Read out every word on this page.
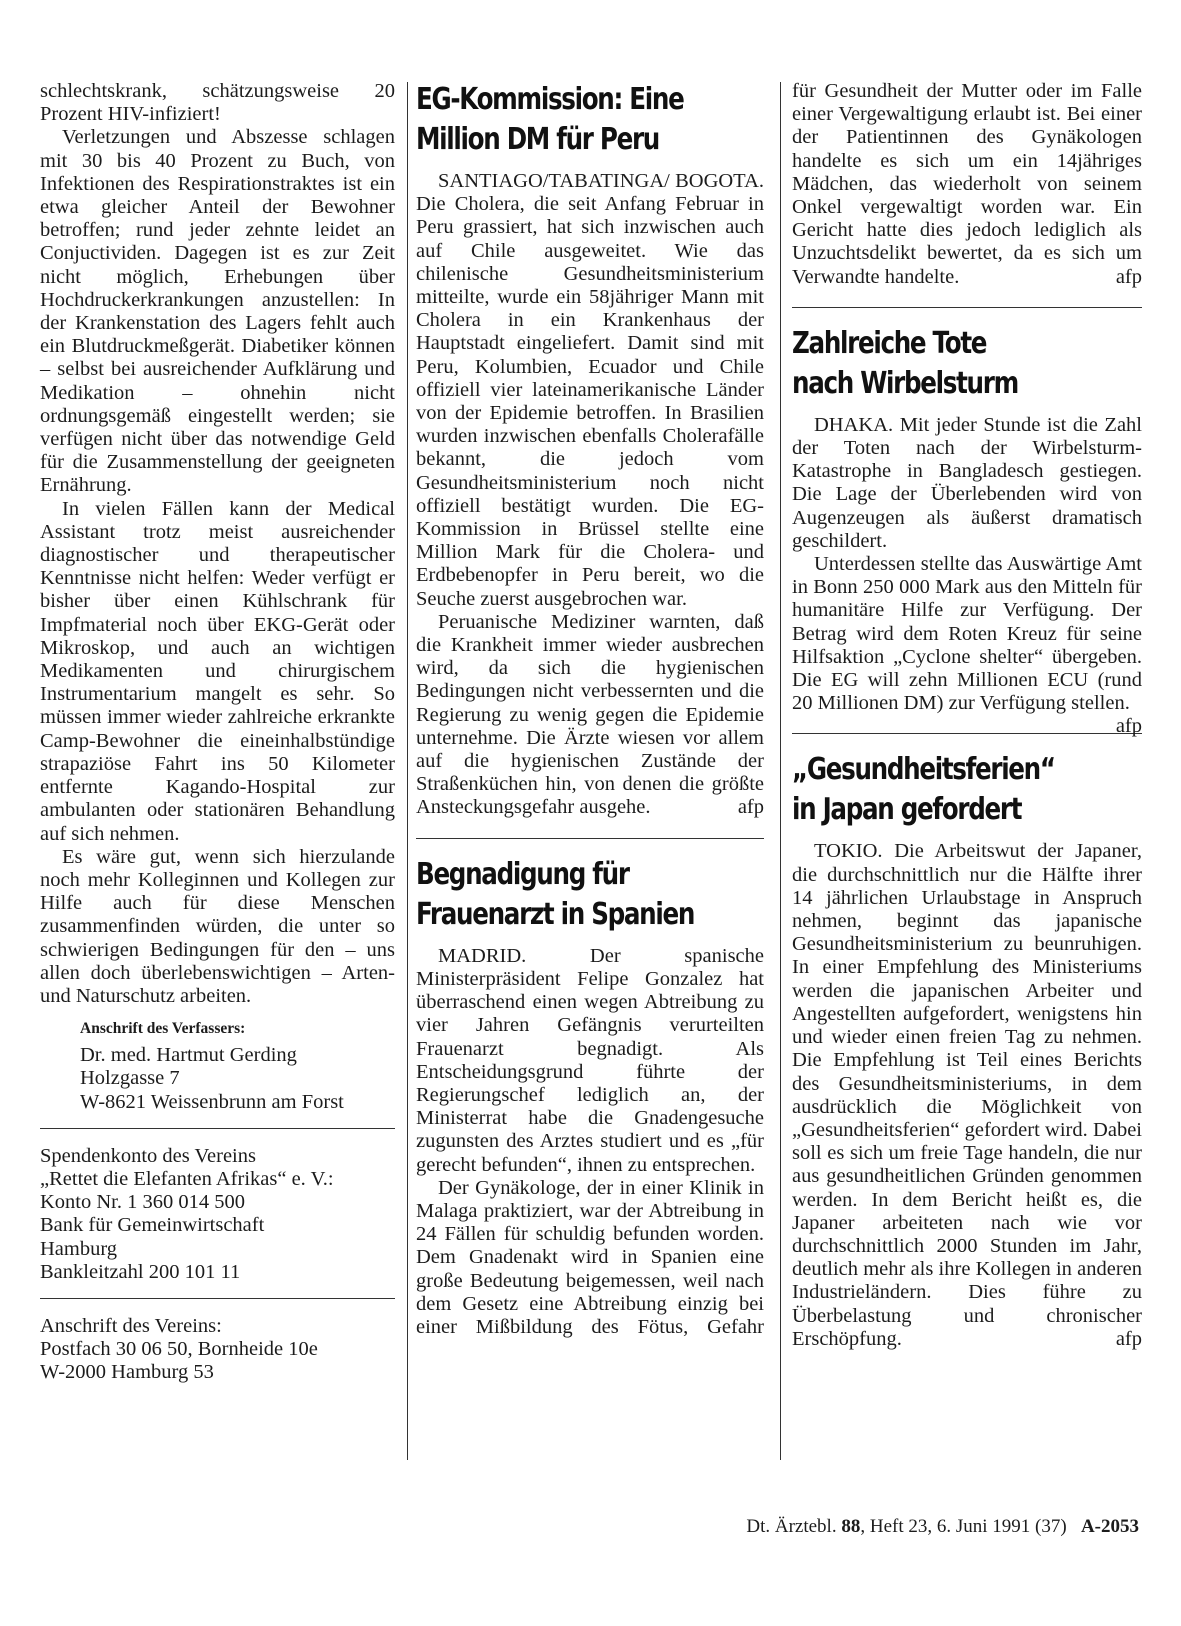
schlechtskrank, schätzungsweise 20 Prozent HIV-infiziert!

Verletzungen und Abszesse schlagen mit 30 bis 40 Prozent zu Buch, von Infektionen des Respirationstraktes ist ein etwa gleicher Anteil der Bewohner betroffen; rund jeder zehnte leidet an Conjuctividen. Dagegen ist es zur Zeit nicht möglich, Erhebungen über Hochdruckerkrankungen anzustellen: In der Krankenstation des Lagers fehlt auch ein Blutdruckmeßgerät. Diabetiker können – selbst bei ausreichender Aufklärung und Medikation – ohnehin nicht ordnungsgemäß eingestellt werden; sie verfügen nicht über das notwendige Geld für die Zusammenstellung der geeigneten Ernährung.

In vielen Fällen kann der Medical Assistant trotz meist ausreichender diagnostischer und therapeutischer Kenntnisse nicht helfen: Weder verfügt er bisher über einen Kühlschrank für Impfmaterial noch über EKG-Gerät oder Mikroskop, und auch an wichtigen Medikamenten und chirurgischem Instrumentarium mangelt es sehr. So müssen immer wieder zahlreiche erkrankte Camp-Bewohner die eineinhalbstündige strapaziöse Fahrt ins 50 Kilometer entfernte Kagando-Hospital zur ambulanten oder stationären Behandlung auf sich nehmen.

Es wäre gut, wenn sich hierzulande noch mehr Kolleginnen und Kollegen zur Hilfe auch für diese Menschen zusammenfinden würden, die unter so schwierigen Bedingungen für den – uns allen doch überlebenswichtigen – Arten- und Naturschutz arbeiten.

Anschrift des Verfassers:
Dr. med. Hartmut Gerding
Holzgasse 7
W-8621 Weissenbrunn am Forst
Spendenkonto des Vereins
„Rettet die Elefanten Afrikas“ e. V.:
Konto Nr. 1 360 014 500
Bank für Gemeinwirtschaft
Hamburg
Bankleitzahl 200 101 11
Anschrift des Vereins:
Postfach 30 06 50, Bornheide 10e
W-2000 Hamburg 53
EG-Kommission: Eine
Million DM für Peru

SANTIAGO/TABATINGA/ BOGOTA. Die Cholera, die seit Anfang Februar in Peru grassiert, hat sich inzwischen auch auf Chile ausgeweitet. Wie das chilenische Gesundheitsministerium mitteilte, wurde ein 58jähriger Mann mit Cholera in ein Krankenhaus der Hauptstadt eingeliefert. Damit sind mit Peru, Kolumbien, Ecuador und Chile offiziell vier lateinamerikanische Länder von der Epidemie betroffen. In Brasilien wurden inzwischen ebenfalls Cholerafälle bekannt, die jedoch vom Gesundheitsministerium noch nicht offiziell bestätigt wurden. Die EG-Kommission in Brüssel stellte eine Million Mark für die Cholera- und Erdbebenopfer in Peru bereit, wo die Seuche zuerst ausgebrochen war.

Peruanische Mediziner warnten, daß die Krankheit immer wieder ausbrechen wird, da sich die hygienischen Bedingungen nicht verbessernten und die Regierung zu wenig gegen die Epidemie unternehme. Die Ärzte wiesen vor allem auf die hygienischen Zustände der Straßenküchen hin, von denen die größte Ansteckungsgefahr ausgehe.	afp

Begnadigung für
Frauenarzt in Spanien

MADRID. Der spanische Ministerpräsident Felipe Gonzalez hat überraschend einen wegen Abtreibung zu vier Jahren Gefängnis verurteilten Frauenarzt begnadigt. Als Entscheidungsgrund führte der Regierungschef lediglich an, der Ministerrat habe die Gnadengesuche zugunsten des Arztes studiert und es „für gerecht befunden“, ihnen zu entsprechen.

Der Gynäkologe, der in einer Klinik in Malaga praktiziert, war der Abtreibung in 24 Fällen für schuldig befunden worden. Dem Gnadenakt wird in Spanien eine große Bedeutung beigemessen, weil nach dem Gesetz eine Abtreibung einzig bei einer Mißbildung des Fötus, Gefahr

für Gesundheit der Mutter oder im Falle einer Vergewaltigung erlaubt ist. Bei einer der Patientinnen des Gynäkologen handelte es sich um ein 14jähriges Mädchen, das wiederholt von seinem Onkel vergewaltigt worden war. Ein Gericht hatte dies jedoch lediglich als Unzuchtsdelikt bewertet, da es sich um Verwandte handelte.	afp

Zahlreiche Tote
nach Wirbelsturm

DHAKA. Mit jeder Stunde ist die Zahl der Toten nach der Wirbelsturm-Katastrophe in Bangladesch gestiegen. Die Lage der Überlebenden wird von Augenzeugen als äußerst dramatisch geschildert.

Unterdessen stellte das Auswärtige Amt in Bonn 250 000 Mark aus den Mitteln für humanitäre Hilfe zur Verfügung. Der Betrag wird dem Roten Kreuz für seine Hilfsaktion „Cyclone shelter“ übergeben. Die EG will zehn Millionen ECU (rund 20 Millionen DM) zur Verfügung stellen.
afp

„Gesundheitsferien“
in Japan gefordert

TOKIO. Die Arbeitswut der Japaner, die durchschnittlich nur die Hälfte ihrer 14 jährlichen Urlaubstage in Anspruch nehmen, beginnt das japanische Gesundheitsministerium zu beunruhigen. In einer Empfehlung des Ministeriums werden die japanischen Arbeiter und Angestellten aufgefordert, wenigstens hin und wieder einen freien Tag zu nehmen. Die Empfehlung ist Teil eines Berichts des Gesundheitsministeriums, in dem ausdrücklich die Möglichkeit von „Gesundheitsferien“ gefordert wird. Dabei soll es sich um freie Tage handeln, die nur aus gesundheitlichen Gründen genommen werden. In dem Bericht heißt es, die Japaner arbeiteten nach wie vor durchschnittlich 2000 Stunden im Jahr, deutlich mehr als ihre Kollegen in anderen Industrieländern. Dies führe zu Überbelastung und chronischer Erschöpfung.	afp

Dt. Ärztebl. 88, Heft 23, 6. Juni 1991 (37) A-2053
